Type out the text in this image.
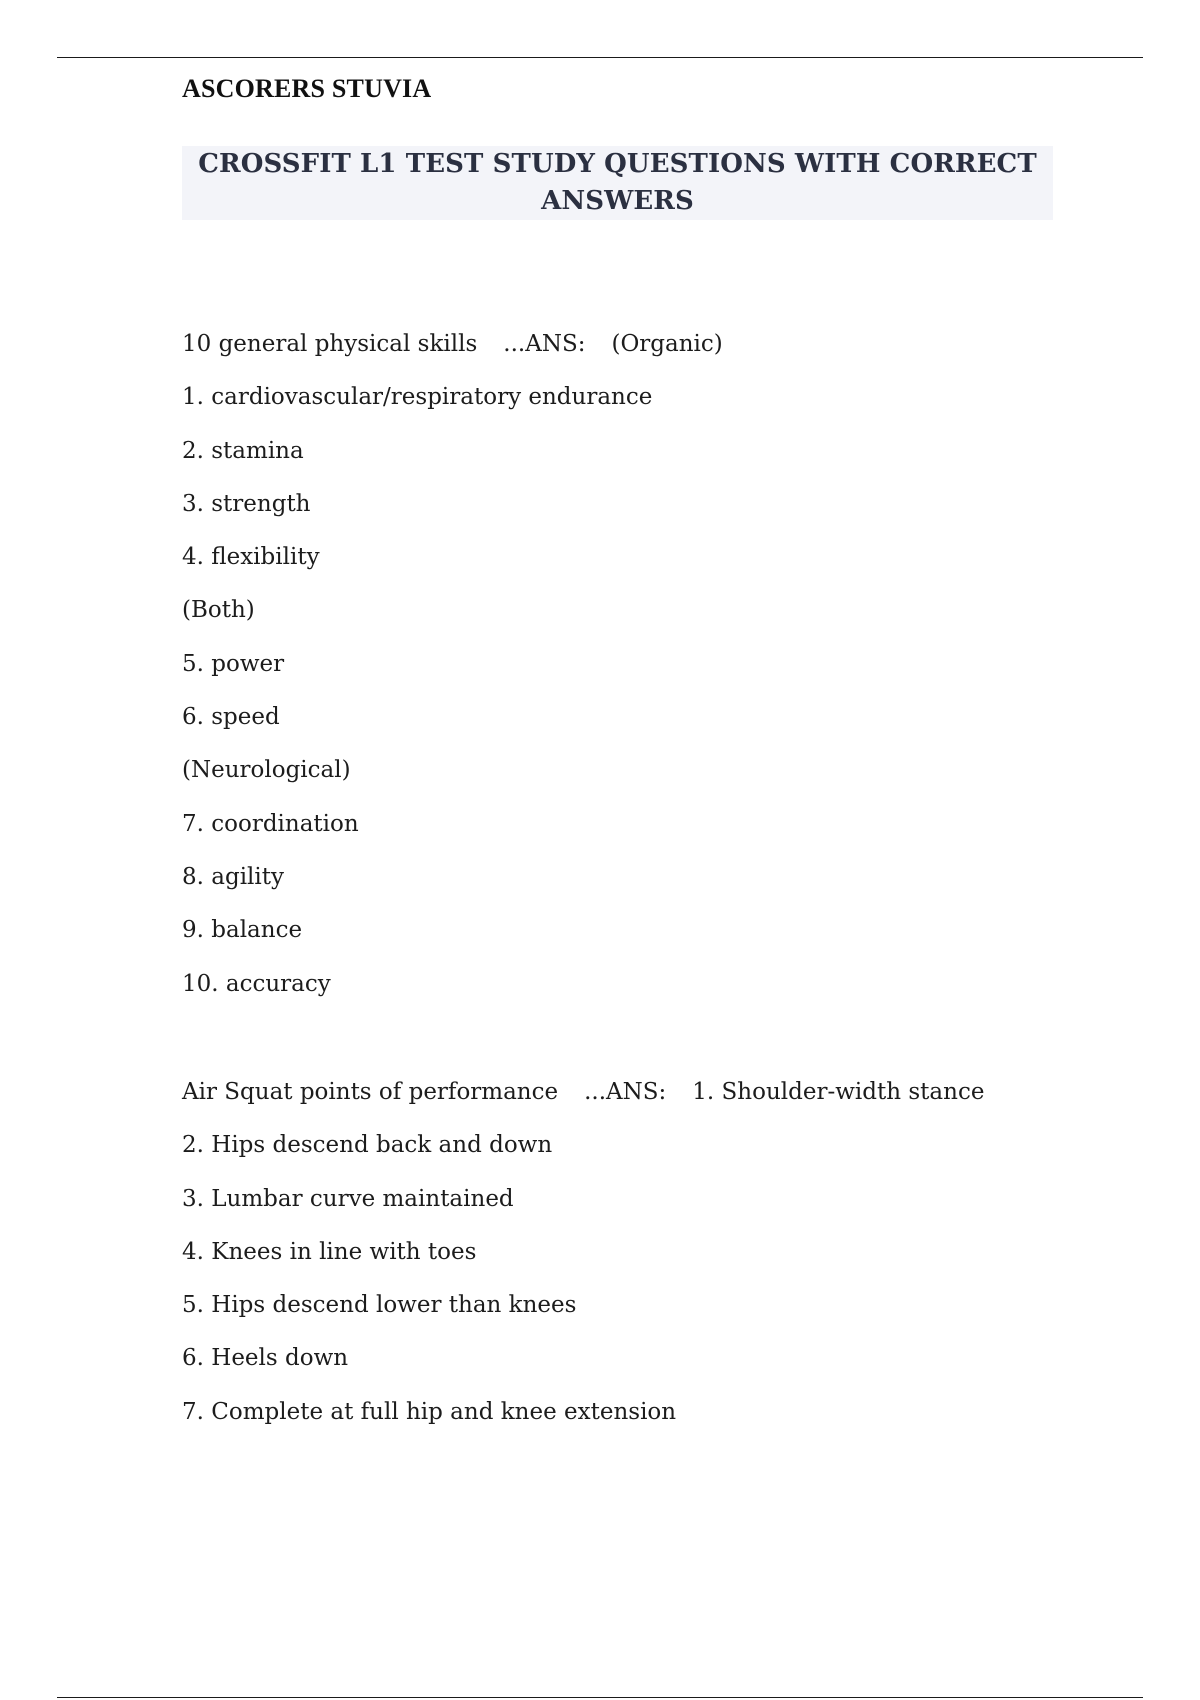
ASCORERS STUVIA

CROSSFIT L1 TEST STUDY QUESTIONS WITH CORRECT ANSWERS
10 general physical skills ...ANS: (Organic)
1. cardiovascular/respiratory endurance
2. stamina
3. strength
4. flexibility
(Both)
5. power
6. speed
(Neurological)
7. coordination
8. agility
9. balance
10. accuracy
Air Squat points of performance ...ANS: 1. Shoulder-width stance
2. Hips descend back and down
3. Lumbar curve maintained
4. Knees in line with toes
5. Hips descend lower than knees
6. Heels down
7. Complete at full hip and knee extension
